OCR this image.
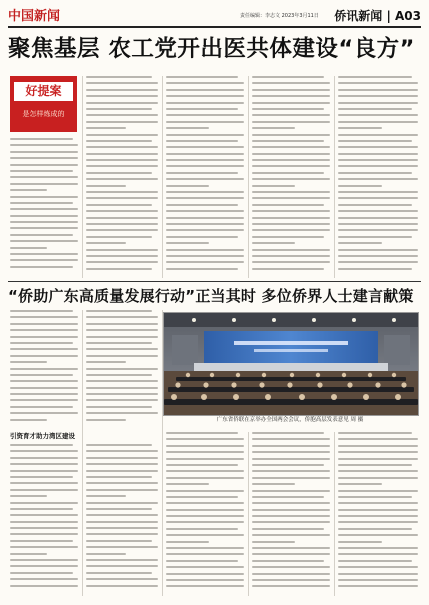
中国新闻	责任编辑：李志文 2023年3月11日 侨讯新闻 | A03
聚焦基层 农工党开出医共体建设“良方”
好提案
是怎样炼成的
“侨助广东高质量发展行动”正当其时 多位侨界人士建言献策
广东省侨联在京举办全国两会会议，侨胞高层发表意见 周 摄
引资育才助力湾区建设
